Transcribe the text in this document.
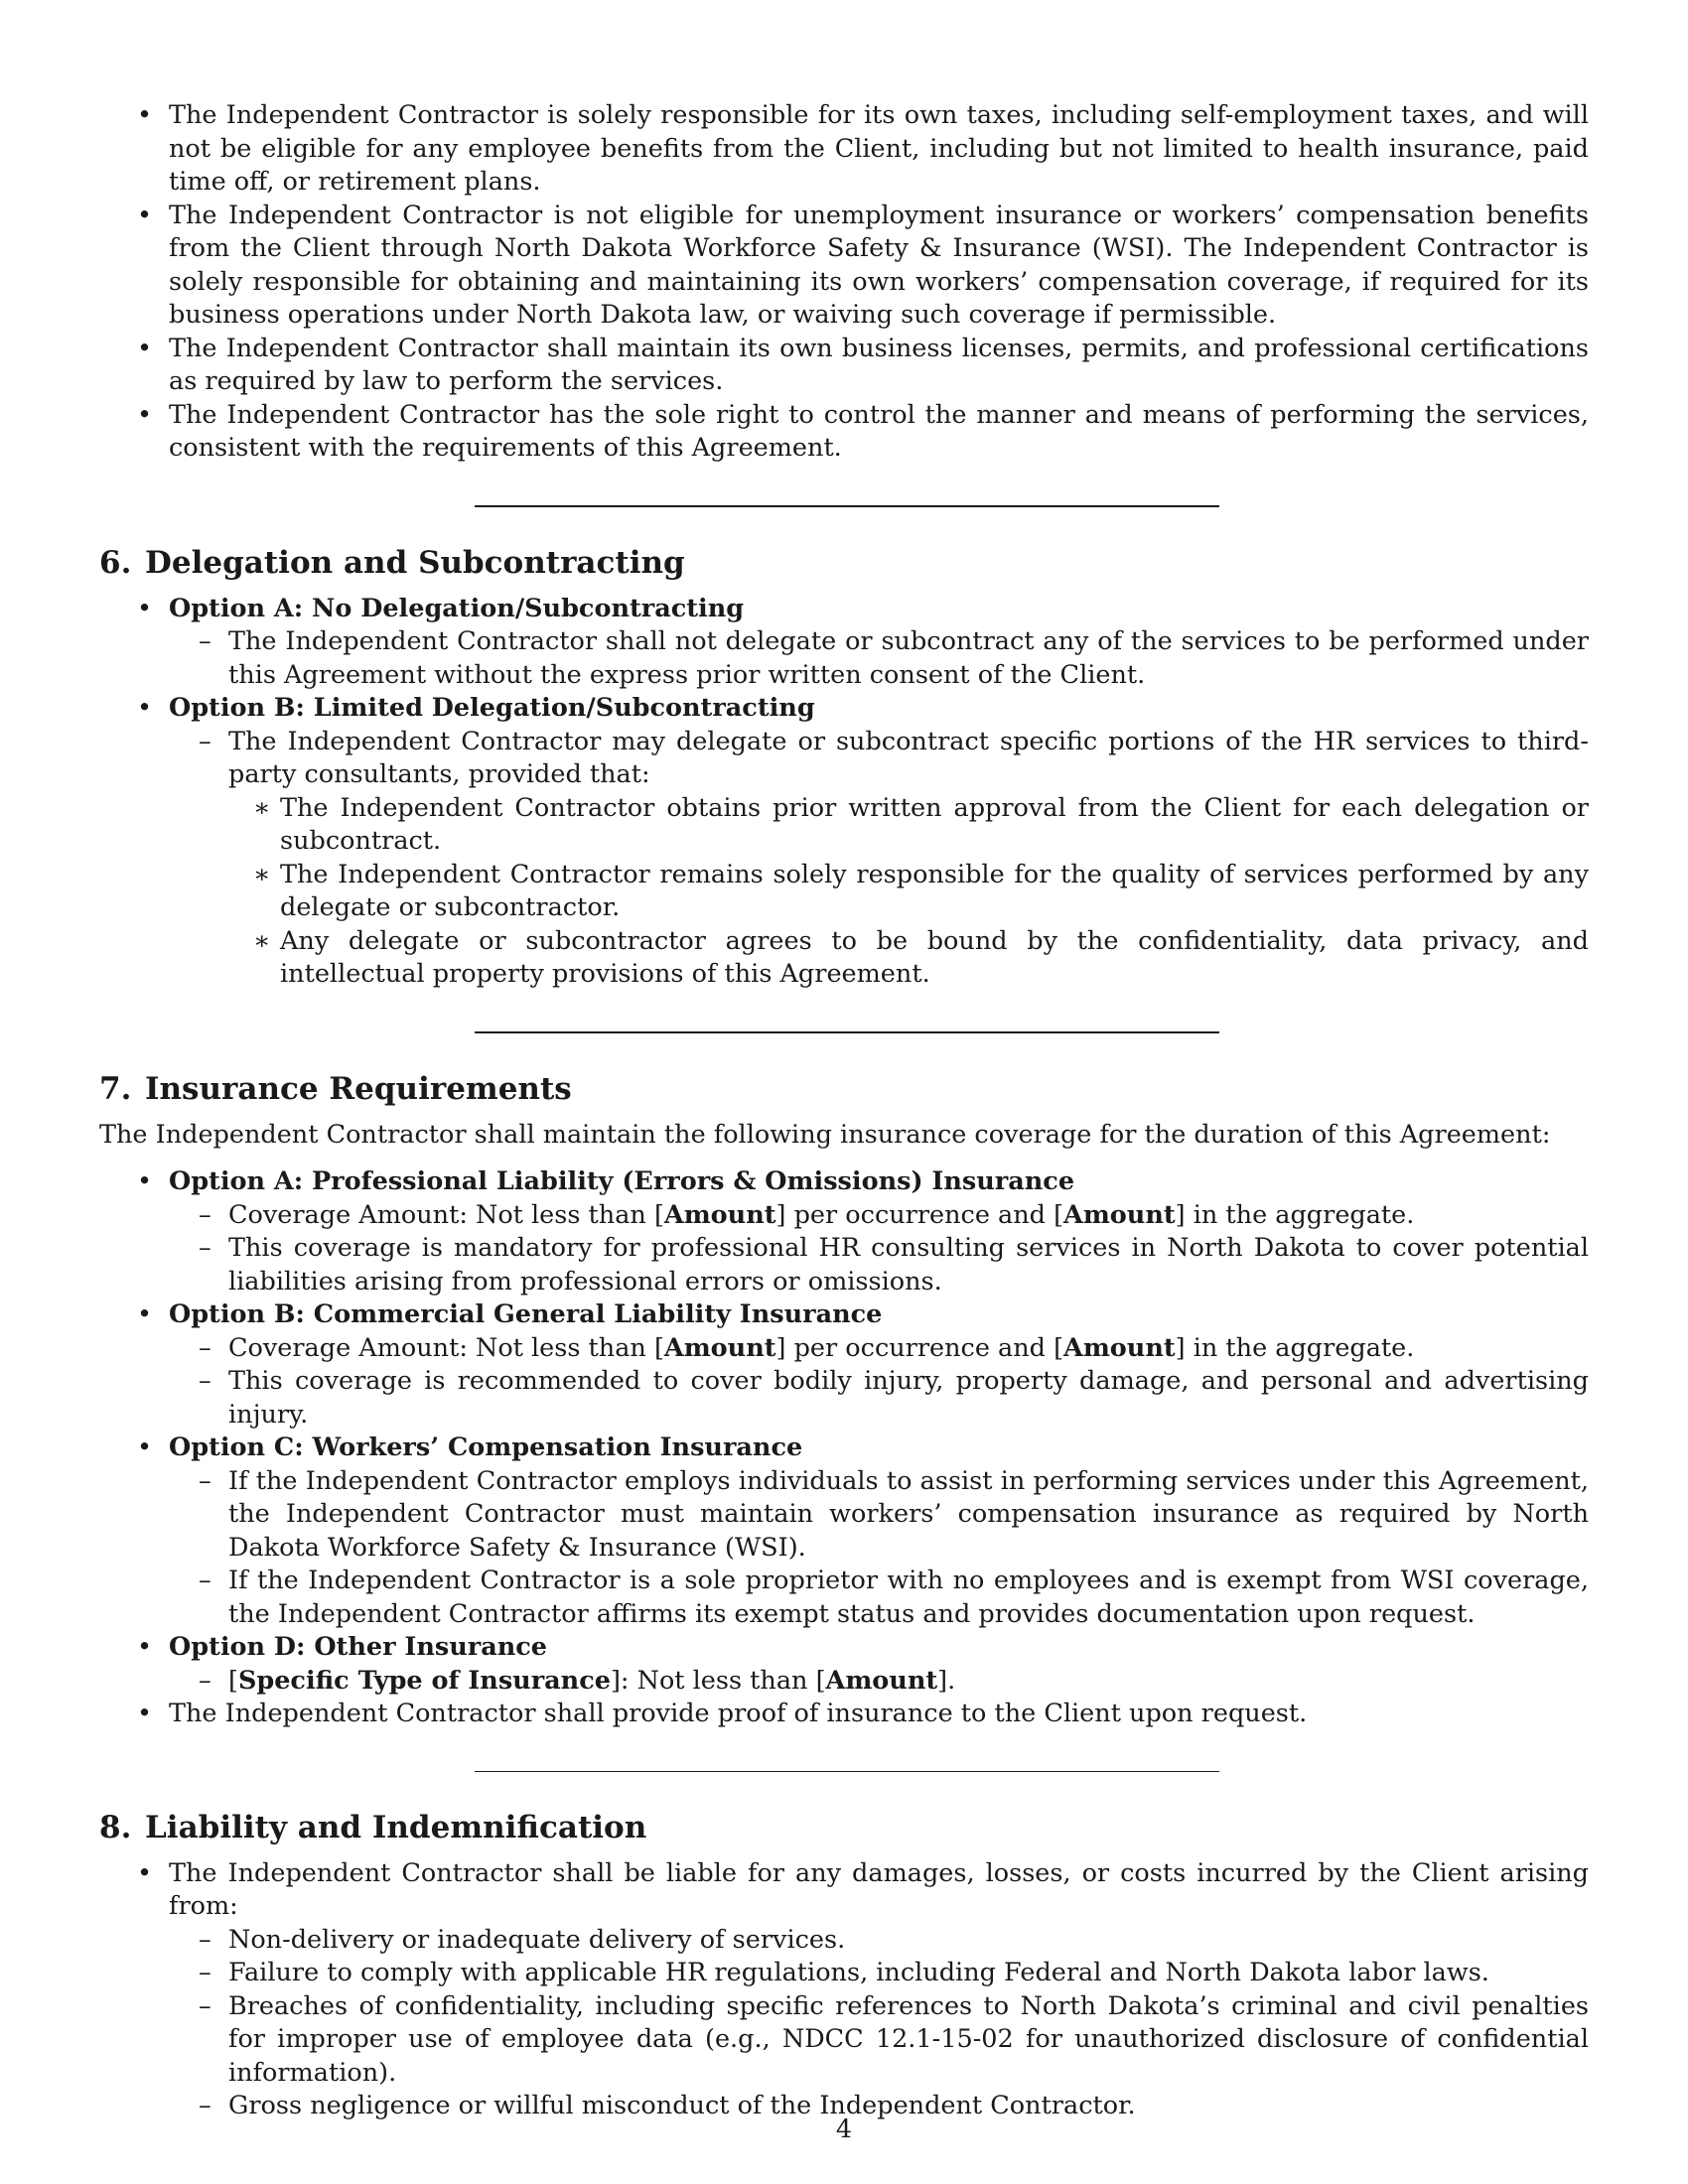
• The Independent Contractor is solely responsible for its own taxes, including self-employment taxes, and will not be eligible for any employee benefits from the Client, including but not limited to health insurance, paid time off, or retirement plans.
• The Independent Contractor is not eligible for unemployment insurance or workers’ compensation benefits from the Client through North Dakota Workforce Safety & Insurance (WSI). The Independent Contractor is solely responsible for obtaining and maintaining its own workers’ compensation coverage, if required for its business operations under North Dakota law, or waiving such coverage if permissible.
• The Independent Contractor shall maintain its own business licenses, permits, and professional certifications as required by law to perform the services.
• The Independent Contractor has the sole right to control the manner and means of performing the services, consistent with the requirements of this Agreement.
6. Delegation and Subcontracting
• Option A: No Delegation/Subcontracting
– The Independent Contractor shall not delegate or subcontract any of the services to be performed under this Agreement without the express prior written consent of the Client.
• Option B: Limited Delegation/Subcontracting
– The Independent Contractor may delegate or subcontract specific portions of the HR services to third-party consultants, provided that:
∗ The Independent Contractor obtains prior written approval from the Client for each delegation or subcontract.
∗ The Independent Contractor remains solely responsible for the quality of services performed by any delegate or subcontractor.
∗ Any delegate or subcontractor agrees to be bound by the confidentiality, data privacy, and intellectual property provisions of this Agreement.
7. Insurance Requirements

The Independent Contractor shall maintain the following insurance coverage for the duration of this Agreement:

• Option A: Professional Liability (Errors & Omissions) Insurance
– Coverage Amount: Not less than [Amount] per occurrence and [Amount] in the aggregate.
– This coverage is mandatory for professional HR consulting services in North Dakota to cover potential liabilities arising from professional errors or omissions.
• Option B: Commercial General Liability Insurance
– Coverage Amount: Not less than [Amount] per occurrence and [Amount] in the aggregate.
– This coverage is recommended to cover bodily injury, property damage, and personal and advertising injury.
• Option C: Workers’ Compensation Insurance
– If the Independent Contractor employs individuals to assist in performing services under this Agreement, the Independent Contractor must maintain workers’ compensation insurance as required by North Dakota Workforce Safety & Insurance (WSI).
– If the Independent Contractor is a sole proprietor with no employees and is exempt from WSI coverage, the Independent Contractor affirms its exempt status and provides documentation upon request.
• Option D: Other Insurance
– [Specific Type of Insurance]: Not less than [Amount].
• The Independent Contractor shall provide proof of insurance to the Client upon request.
8. Liability and Indemnification
• The Independent Contractor shall be liable for any damages, losses, or costs incurred by the Client arising from:
– Non-delivery or inadequate delivery of services.
– Failure to comply with applicable HR regulations, including Federal and North Dakota labor laws.
– Breaches of confidentiality, including specific references to North Dakota’s criminal and civil penalties for improper use of employee data (e.g., NDCC 12.1-15-02 for unauthorized disclosure of confidential information).
– Gross negligence or willful misconduct of the Independent Contractor.
4
